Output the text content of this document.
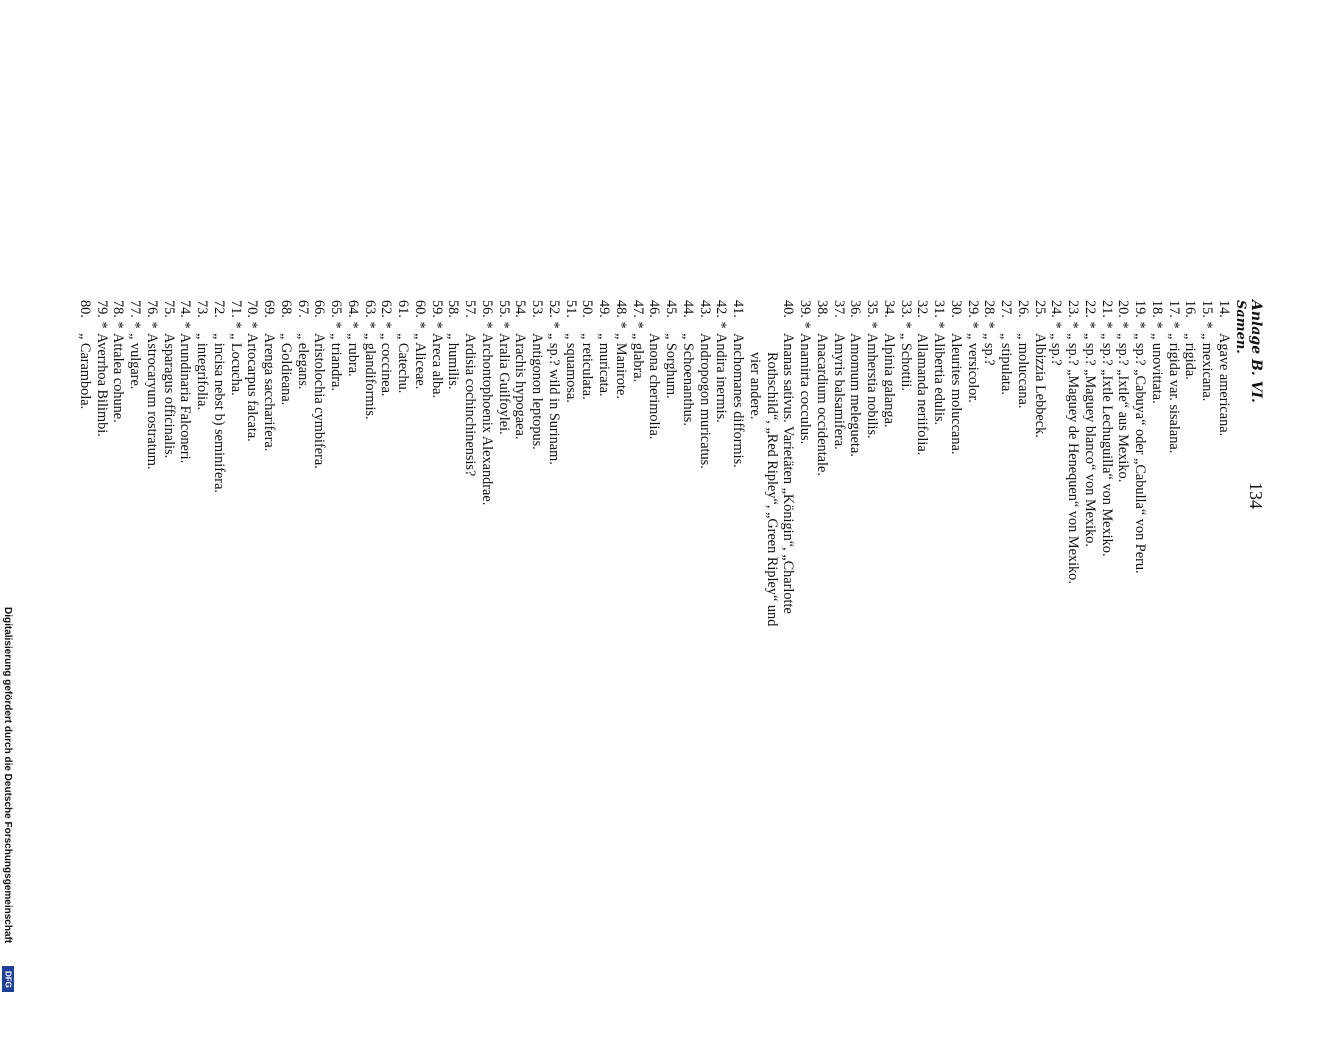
Anlage B. VI.
Samen.
134
14.
Agave americana.
15. *
„ mexicana.
16.
„ rigida.
17. *
„ rigida var. sisalana.
18. *
„ unovittata.
19. *
„ sp.? „Cabuya“ oder „Cabulla“ von Peru.
20. *
„ sp.? „Ixtle“ aus Mexiko.
21. *
„ sp.? „Ixtle Lechuguilla“ von Mexiko.
22. *
„ sp.? „Maguey blanco“ von Mexiko.
23. *
„ sp.? „Maguey de Henequen“ von Mexiko.
24. *
„ sp.?
25.
Albizzia Lebbeck.
26.
„ moluccana.
27.
„ stipulata.
28. *
„ sp.?
29. *
„ versicolor.
30.
Aleurites moluccana.
31. *
Alibertia edulis.
32.
Allamanda neriifolia.
33. *
„ Schottii.
34.
Alpinia galanga.
35. *
Amherstia nobilis.
36.
Amomum melegueta.
37.
Amyris balsamifera.
38.
Anacardium occidentale.
39. *
Anamirta cocculus.
40.
Ananas sativus. Varietäten „Königin“, „Charlotte
Rothschild“, „Red Ripley“, „Green Ripley“ und
vier andere.
41.
Anchomanes difformis.
42. *
Andira inermis.
43.
Andropogon muricatus.
44.
„ Schoenanthus.
45.
„ Sorghum.
46.
Anona cherimolia.
47. *
„ glabra.
48. *
„ Manirote.
49.
„ muricata.
50.
„ reticulata.
51.
„ squamosa.
52. *
„ sp.? wild in Surinam.
53.
Antigonon leptopus.
54.
Arachis hypogaea.
55. *
Aralia Guilfoylei.
56. *
Archontophoenix Alexandrae.
57.
Ardisia cochinchinensis?
58.
„ humilis.
59. *
Areca alba.
60. *
„ Aliceae.
61.
„ Catechu.
62. *
„ coccinea.
63. *
„ glandiformis.
64. *
„ rubra.
65. *
„ triandra.
66.
Aristolochia cymbifera.
67.
„ elegans.
68.
„ Goldieana.
69.
Arenga saccharifera.
70. *
Artocarpus falcata.
71. *
„ Locucha.
72.
„ incisa nebst b) seminifera.
73.
„ integrifolia.
74. *
Arundinaria Falconeri.
75.
Asparagus officinalis.
76. *
Astrocaryum rostratum.
77. *
„ vulgare.
78. *
Attalea cohune.
79. *
Averrhoa Bilimbi.
80.
„ Carambola.
Digitalisierung gefördert durch die Deutsche Forschungsgemeinschaft
DFG
